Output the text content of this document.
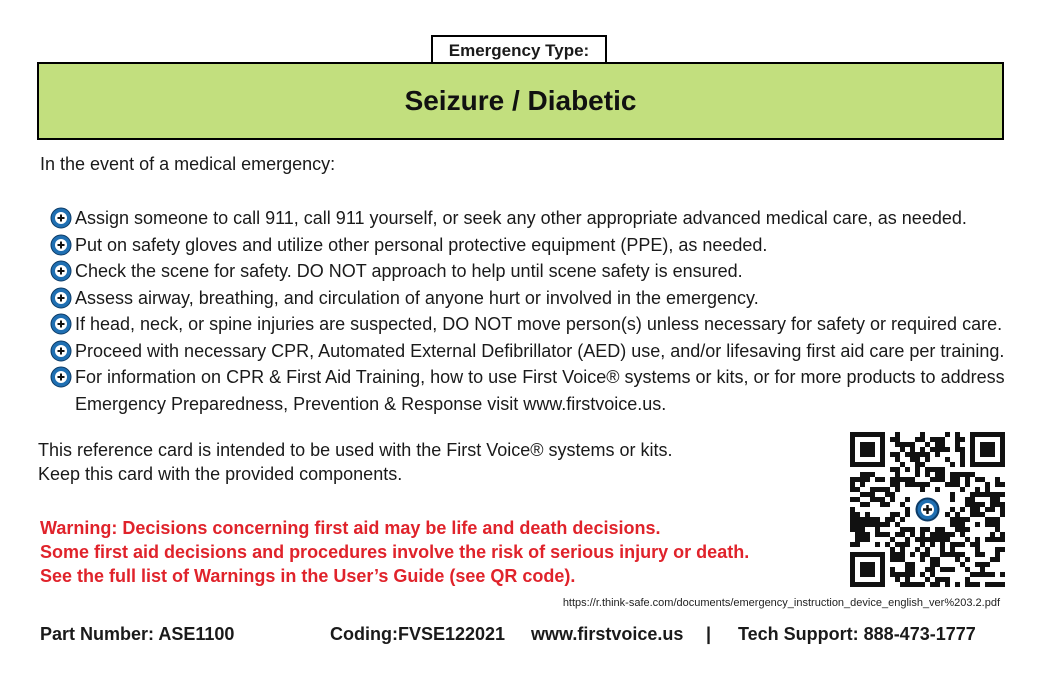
Emergency Type:
Seizure / Diabetic
In the event of a medical emergency:
Assign someone to call 911, call 911 yourself, or seek any other appropriate advanced medical care, as needed.
Put on safety gloves and utilize other personal protective equipment (PPE), as needed.
Check the scene for safety. DO NOT approach to help until scene safety is ensured.
Assess airway, breathing, and circulation of anyone hurt or involved in the emergency.
If head, neck, or spine injuries are suspected, DO NOT move person(s) unless necessary for safety or required care.
Proceed with necessary CPR, Automated External Defibrillator (AED) use, and/or lifesaving first aid care per training.
For information on CPR & First Aid Training, how to use First Voice® systems or kits, or for more products to address Emergency Preparedness, Prevention & Response visit www.firstvoice.us.
This reference card is intended to be used with the First Voice® systems or kits.
Keep this card with the provided components.
Warning: Decisions concerning first aid may be life and death decisions.
Some first aid decisions and procedures involve the risk of serious injury or death.
See the full list of Warnings in the User’s Guide (see QR code).
https://r.think-safe.com/documents/emergency_instruction_device_english_ver%203.2.pdf
Part Number: ASE1100	Coding:FVSE122021 www.firstvoice.us | Tech Support: 888-473-1777
